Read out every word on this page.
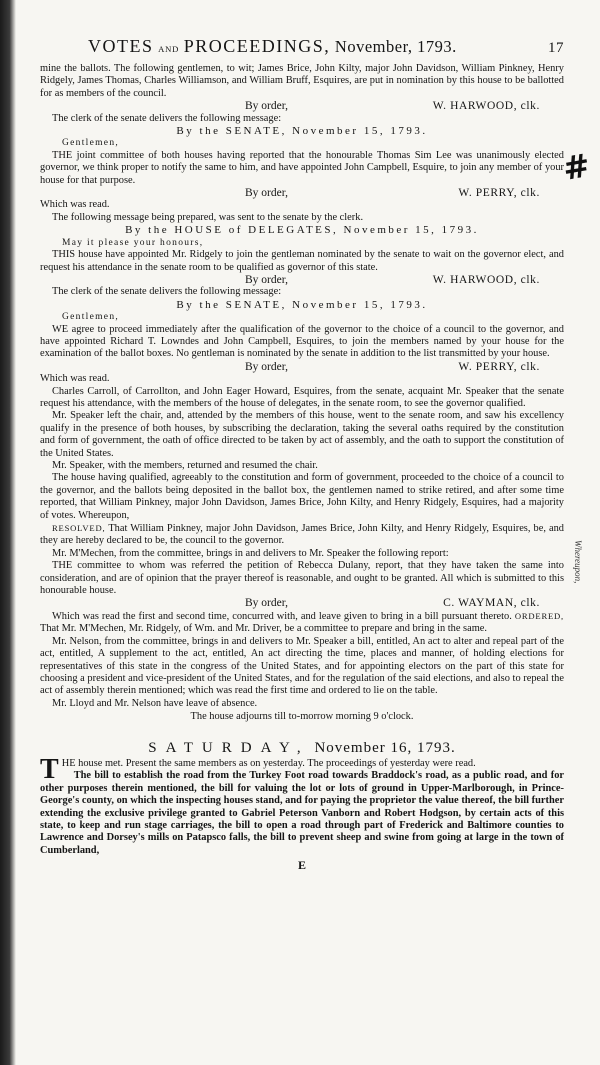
#
Whereupon,
VOTES AND PROCEEDINGS, November, 1793.	17

mine the ballots. The following gentlemen, to wit; James Brice, John Kilty, major John Davidson, William Pinkney, Henry Ridgely, James Thomas, Charles Williamson, and William Bruff, Esquires, are put in nomination by this house to be ballotted for as members of the council.

By order,	W. HARWOOD, clk.

The clerk of the senate delivers the following message:

By the SENATE, November 15, 1793.

Gentlemen,

THE joint committee of both houses having reported that the honourable Thomas Sim Lee was unanimously elected governor, we think proper to notify the same to him, and have appointed John Campbell, Esquire, to join any member of your house for that purpose.

By order,	W. PERRY, clk.

Which was read.

The following message being prepared, was sent to the senate by the clerk.

By the HOUSE of DELEGATES, November 15, 1793.

May it please your honours,

THIS house have appointed Mr. Ridgely to join the gentleman nominated by the senate to wait on the governor elect, and request his attendance in the senate room to be qualified as governor of this state.

By order,	W. HARWOOD, clk.

The clerk of the senate delivers the following message:

By the SENATE, November 15, 1793.

Gentlemen,

WE agree to proceed immediately after the qualification of the governor to the choice of a council to the governor, and have appointed Richard T. Lowndes and John Campbell, Esquires, to join the members named by your house for the examination of the ballot boxes. No gentleman is nominated by the senate in addition to the list transmitted by your house.

By order,	W. PERRY, clk.

Which was read.

Charles Carroll, of Carrollton, and John Eager Howard, Esquires, from the senate, acquaint Mr. Speaker that the senate request his attendance, with the members of the house of delegates, in the senate room, to see the governor qualified.

Mr. Speaker left the chair, and, attended by the members of this house, went to the senate room, and saw his excellency qualify in the presence of both houses, by subscribing the declaration, taking the several oaths required by the constitution and form of government, the oath of office directed to be taken by act of assembly, and the oath to support the constitution of the United States.

Mr. Speaker, with the members, returned and resumed the chair.

The house having qualified, agreeably to the constitution and form of government, proceeded to the choice of a council to the governor, and the ballots being deposited in the ballot box, the gentlemen named to strike retired, and after some time reported, that William Pinkney, major John Davidson, James Brice, John Kilty, and Henry Ridgely, Esquires, had a majority of votes. Whereupon,

RESOLVED, That William Pinkney, major John Davidson, James Brice, John Kilty, and Henry Ridgely, Esquires, be, and they are hereby declared to be, the council to the governor.

Mr. M'Mechen, from the committee, brings in and delivers to Mr. Speaker the following report:

THE committee to whom was referred the petition of Rebecca Dulany, report, that they have taken the same into consideration, and are of opinion that the prayer thereof is reasonable, and ought to be granted. All which is submitted to this honourable house.

By order,	C. WAYMAN, clk.

Which was read the first and second time, concurred with, and leave given to bring in a bill pursuant thereto. ORDERED, That Mr. M'Mechen, Mr. Ridgely, of Wm. and Mr. Driver, be a committee to prepare and bring in the same.

Mr. Nelson, from the committee, brings in and delivers to Mr. Speaker a bill, entitled, An act to alter and repeal part of the act, entitled, A supplement to the act, entitled, An act directing the time, places and manner, of holding elections for representatives of this state in the congress of the United States, and for appointing electors on the part of this state for choosing a president and vice-president of the United States, and for the regulation of the said elections, and also to repeal the act of assembly therein mentioned; which was read the first time and ordered to lie on the table.

Mr. Lloyd and Mr. Nelson have leave of absence.

The house adjourns till to-morrow morning 9 o'clock.

SATURDAY, November 16, 1793.

THE house met. Present the same members as on yesterday. The proceedings of yesterday were read.

The bill to establish the road from the Turkey Foot road towards Braddock's road, as a public road, and for other purposes therein mentioned, the bill for valuing the lot or lots of ground in Upper-Marlborough, in Prince-George's county, on which the inspecting houses stand, and for paying the proprietor the value thereof, the bill further extending the exclusive privilege granted to Gabriel Peterson Vanborn and Robert Hodgson, by certain acts of this state, to keep and run stage carriages, the bill to open a road through part of Frederick and Baltimore counties to Lawrence and Dorsey's mills on Patapsco falls, the bill to prevent sheep and swine from going at large in the town of Cumberland,

E
